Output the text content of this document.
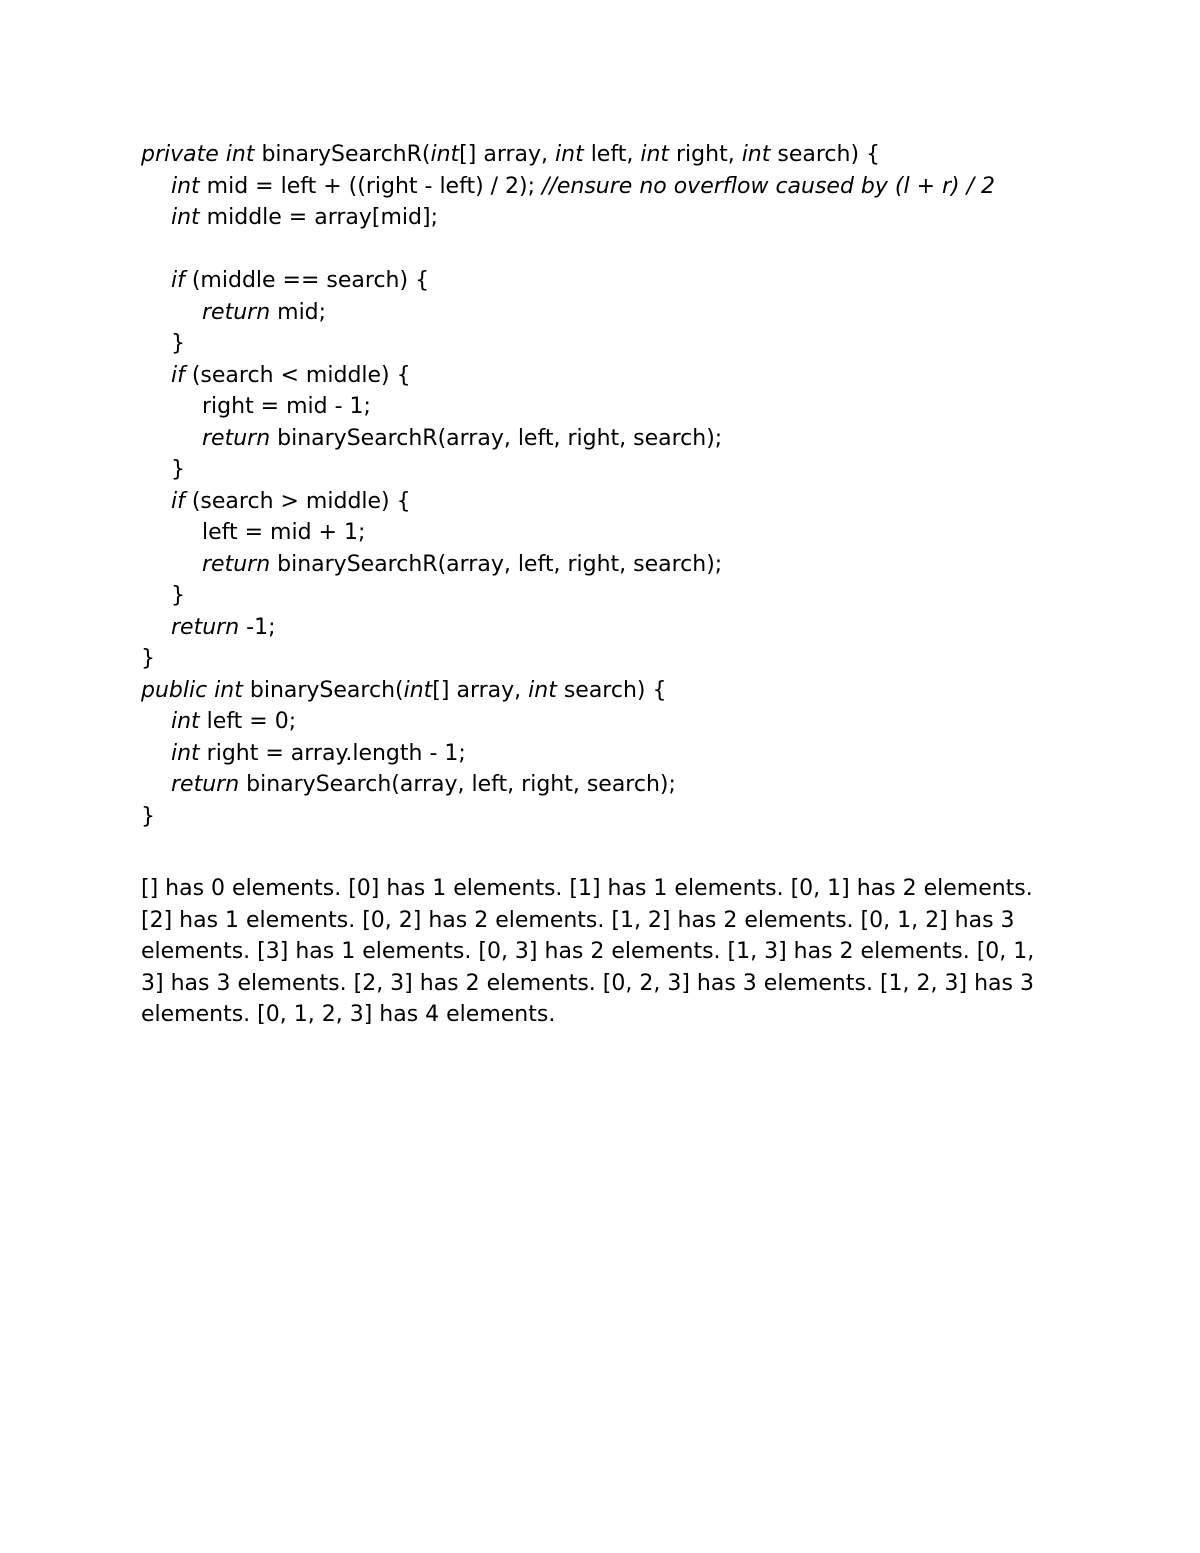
private int binarySearchR(int[] array, int left, int right, int search) {
int mid = left + ((right - left) / 2); //ensure no overflow caused by (l + r) / 2
int middle = array[mid];
if (middle == search) {
return mid;
}
if (search < middle) {
right = mid - 1;
return binarySearchR(array, left, right, search);
}
if (search > middle) {
left = mid + 1;
return binarySearchR(array, left, right, search);
}
return -1;
}
public int binarySearch(int[] array, int search) {
int left = 0;
int right = array.length - 1;
return binarySearch(array, left, right, search);
}

[] has 0 elements. [0] has 1 elements. [1] has 1 elements. [0, 1] has 2 elements. [2] has 1 elements. [0, 2] has 2 elements. [1, 2] has 2 elements. [0, 1, 2] has 3 elements. [3] has 1 elements. [0, 3] has 2 elements. [1, 3] has 2 elements. [0, 1, 3] has 3 elements. [2, 3] has 2 elements. [0, 2, 3] has 3 elements. [1, 2, 3] has 3 elements. [0, 1, 2, 3] has 4 elements.
